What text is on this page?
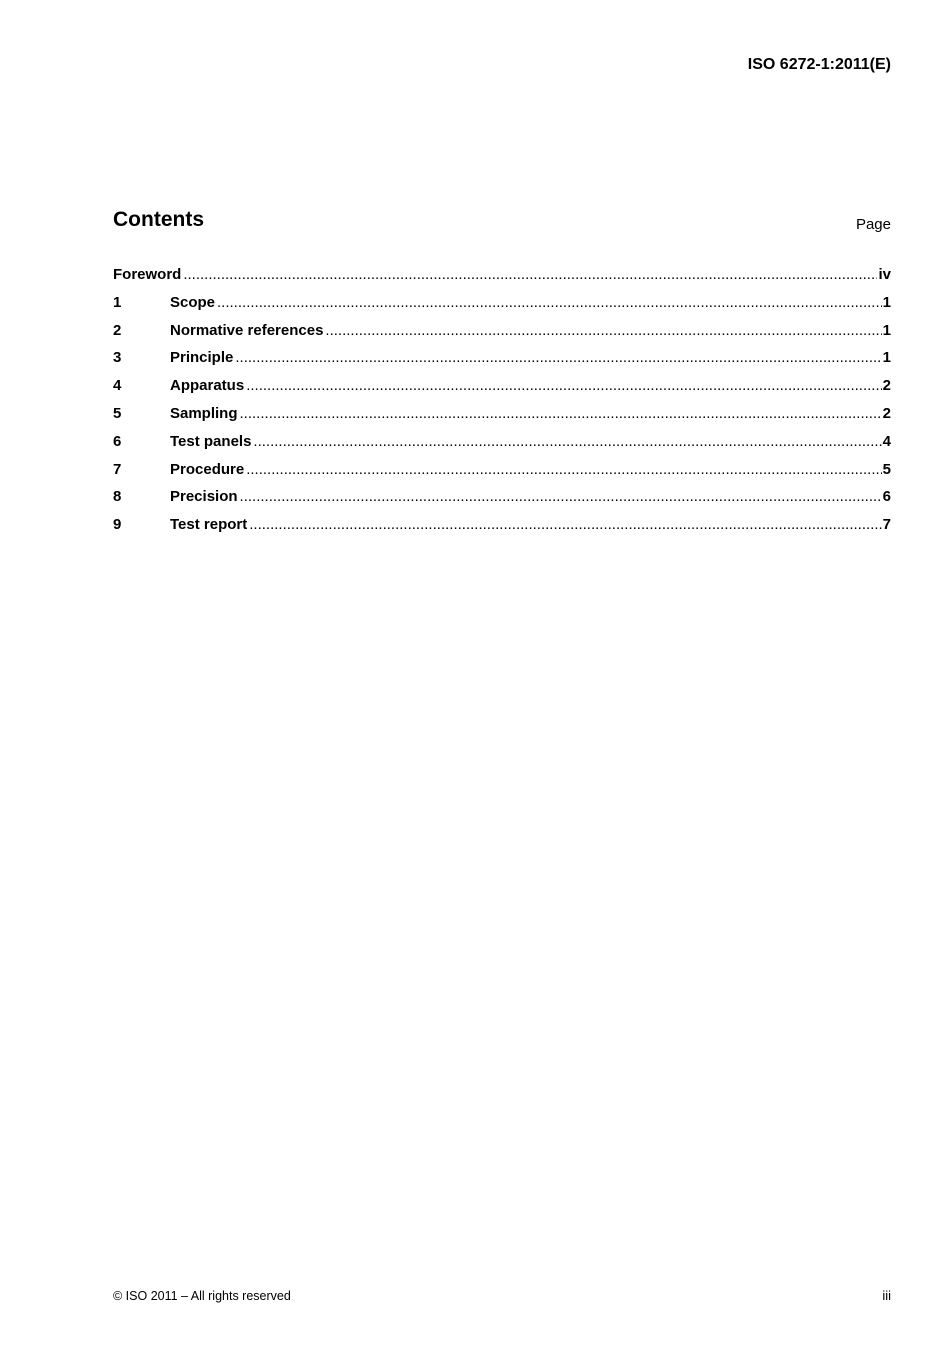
ISO 6272-1:2011(E)
Contents	Page
Foreword .....	iv
1	Scope .....	1
2	Normative references .....	1
3	Principle .....	1
4	Apparatus .....	2
5	Sampling .....	2
6	Test panels .....	4
7	Procedure .....	5
8	Precision .....	6
9	Test report .....	7
© ISO 2011 – All rights reserved	iii
